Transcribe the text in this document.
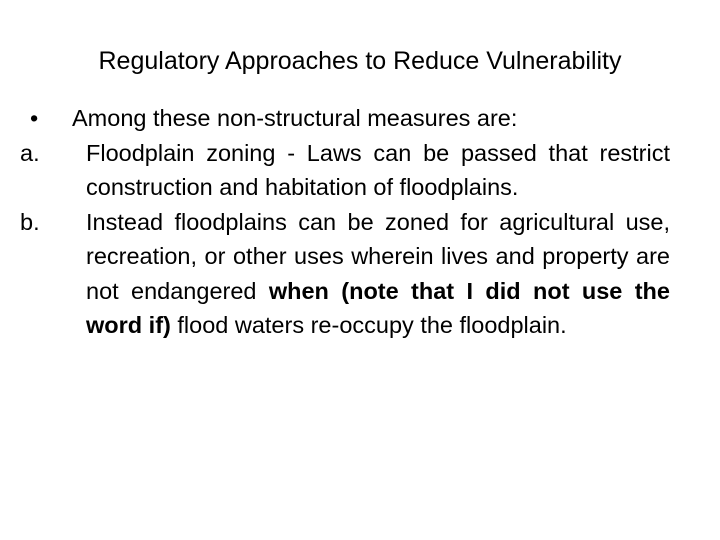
Regulatory Approaches to Reduce Vulnerability
•	Among these non-structural measures are:
a.	Floodplain zoning - Laws can be passed that restrict construction and habitation of floodplains.
b.	Instead floodplains can be zoned for agricultural use, recreation, or other uses wherein lives and property are not endangered when (note that I did not use the word if) flood waters re-occupy the floodplain.
